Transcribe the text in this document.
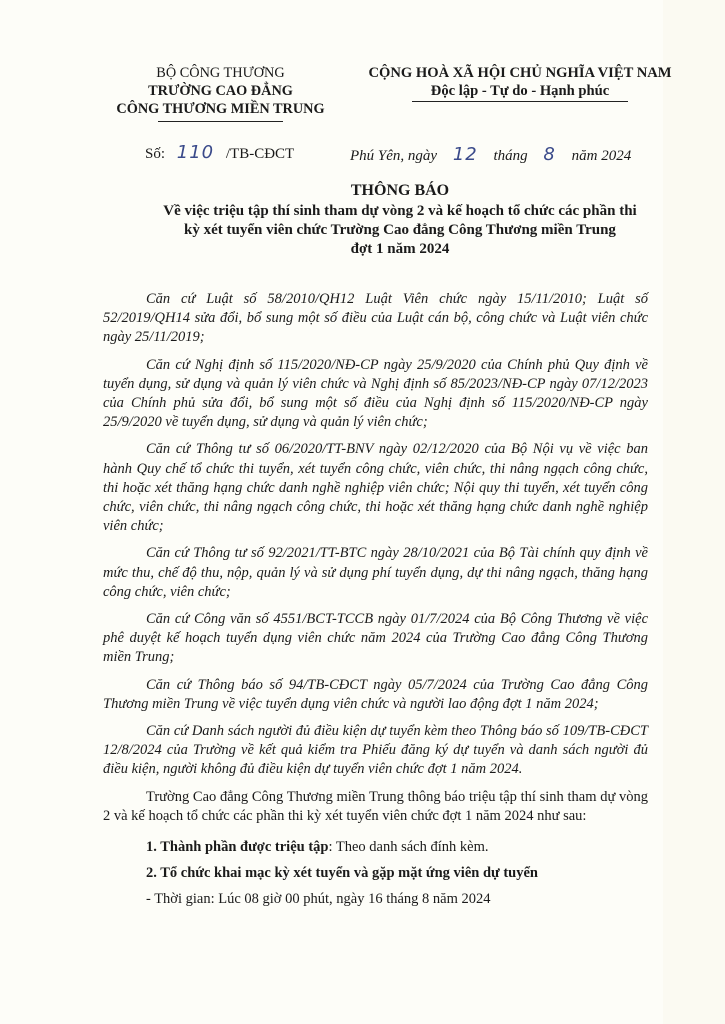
BỘ CÔNG THƯƠNG
TRƯỜNG CAO ĐẲNG
CÔNG THƯƠNG MIỀN TRUNG
CỘNG HOÀ XÃ HỘI CHỦ NGHĨA VIỆT NAM
Độc lập - Tự do - Hạnh phúc
Số: 110 /TB-CĐCT	Phú Yên, ngày 12 tháng 8 năm 2024
THÔNG BÁO
Về việc triệu tập thí sinh tham dự vòng 2 và kế hoạch tổ chức các phần thi
kỳ xét tuyển viên chức Trường Cao đẳng Công Thương miền Trung
đợt 1 năm 2024

Căn cứ Luật số 58/2010/QH12 Luật Viên chức ngày 15/11/2010; Luật số 52/2019/QH14 sửa đổi, bổ sung một số điều của Luật cán bộ, công chức và Luật viên chức ngày 25/11/2019;

Căn cứ Nghị định số 115/2020/NĐ-CP ngày 25/9/2020 của Chính phủ Quy định về tuyển dụng, sử dụng và quản lý viên chức và Nghị định số 85/2023/NĐ-CP ngày 07/12/2023 của Chính phủ sửa đổi, bổ sung một số điều của Nghị định số 115/2020/NĐ-CP ngày 25/9/2020 về tuyển dụng, sử dụng và quản lý viên chức;

Căn cứ Thông tư số 06/2020/TT-BNV ngày 02/12/2020 của Bộ Nội vụ về việc ban hành Quy chế tổ chức thi tuyển, xét tuyển công chức, viên chức, thi nâng ngạch công chức, thi hoặc xét thăng hạng chức danh nghề nghiệp viên chức; Nội quy thi tuyển, xét tuyển công chức, viên chức, thi nâng ngạch công chức, thi hoặc xét thăng hạng chức danh nghề nghiệp viên chức;

Căn cứ Thông tư số 92/2021/TT-BTC ngày 28/10/2021 của Bộ Tài chính quy định về mức thu, chế độ thu, nộp, quản lý và sử dụng phí tuyển dụng, dự thi nâng ngạch, thăng hạng công chức, viên chức;

Căn cứ Công văn số 4551/BCT-TCCB ngày 01/7/2024 của Bộ Công Thương về việc phê duyệt kế hoạch tuyển dụng viên chức năm 2024 của Trường Cao đẳng Công Thương miền Trung;

Căn cứ Thông báo số 94/TB-CĐCT ngày 05/7/2024 của Trường Cao đẳng Công Thương miền Trung về việc tuyển dụng viên chức và người lao động đợt 1 năm 2024;

Căn cứ Danh sách người đủ điều kiện dự tuyển kèm theo Thông báo số 109/TB-CĐCT 12/8/2024 của Trường về kết quả kiểm tra Phiếu đăng ký dự tuyển và danh sách người đủ điều kiện, người không đủ điều kiện dự tuyển viên chức đợt 1 năm 2024.

Trường Cao đẳng Công Thương miền Trung thông báo triệu tập thí sinh tham dự vòng 2 và kế hoạch tổ chức các phần thi kỳ xét tuyển viên chức đợt 1 năm 2024 như sau:

1. Thành phần được triệu tập: Theo danh sách đính kèm.

2. Tổ chức khai mạc kỳ xét tuyển và gặp mặt ứng viên dự tuyển

- Thời gian: Lúc 08 giờ 00 phút, ngày 16 tháng 8 năm 2024
